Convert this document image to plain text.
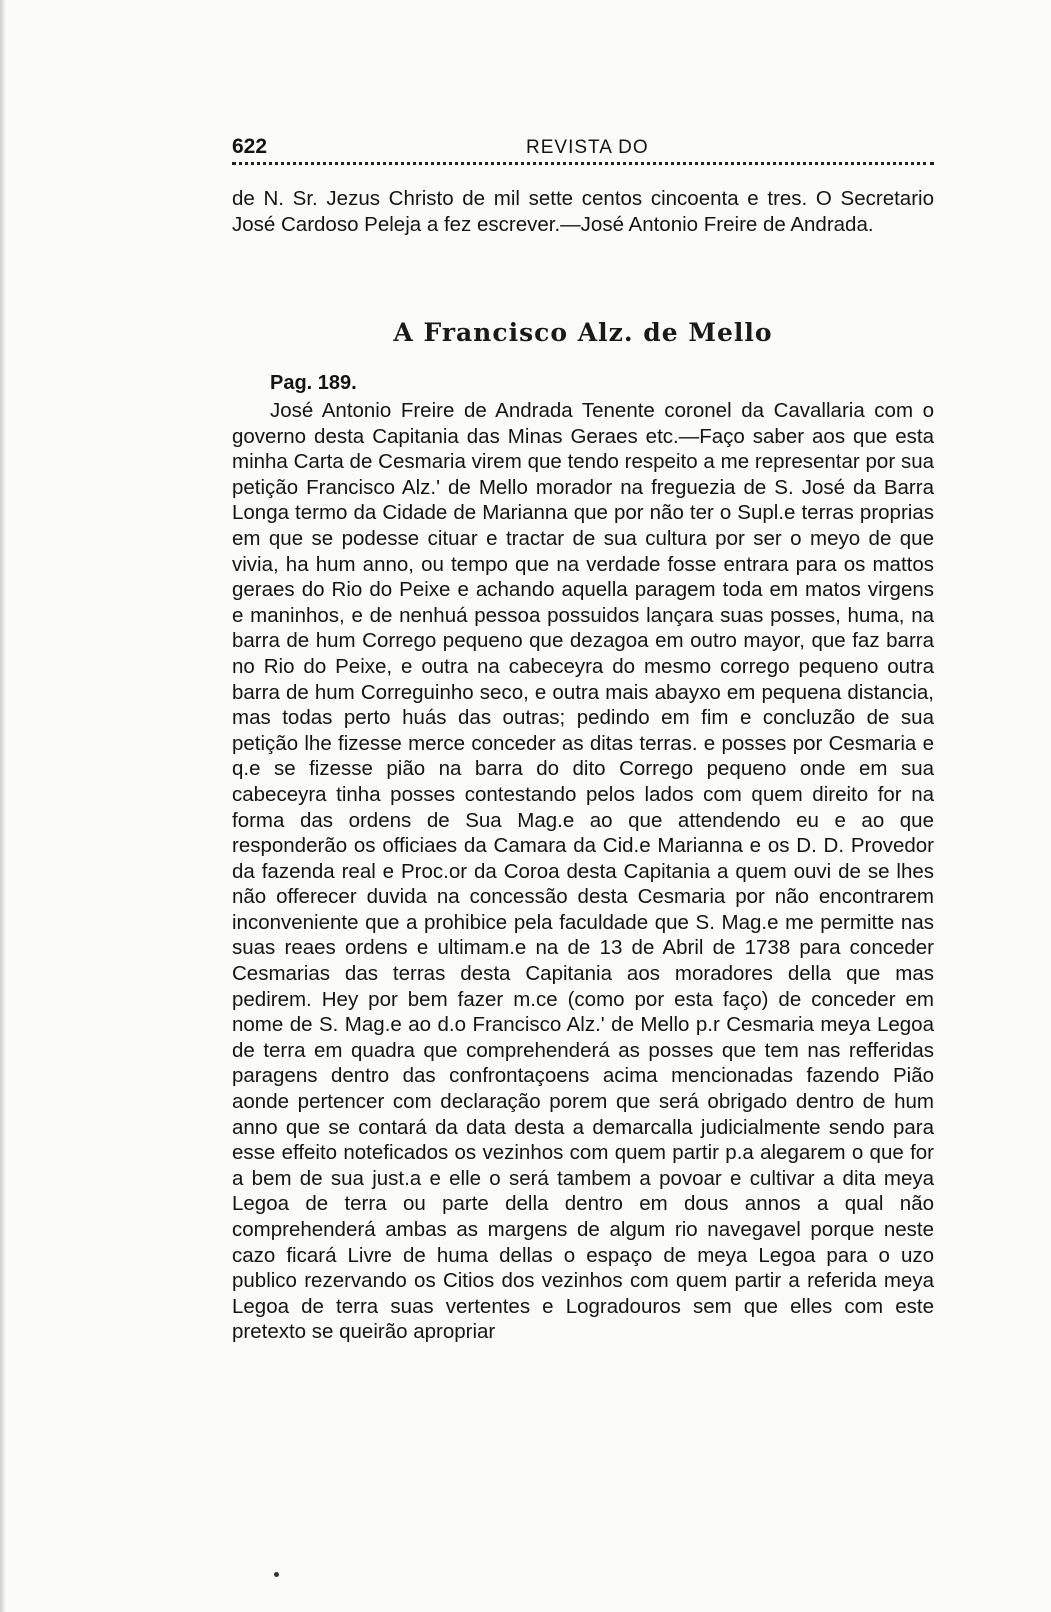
622	REVISTA DO
de N. Sr. Jezus Christo de mil sette centos cincoenta e tres. O Secretario José Cardoso Peleja a fez escrever.—José Antonio Freire de Andrada.
A Francisco Alz. de Mello
Pag. 189.
José Antonio Freire de Andrada Tenente coronel da Cavallaria com o governo desta Capitania das Minas Geraes etc.—Faço saber aos que esta minha Carta de Cesmaria virem que tendo respeito a me representar por sua petição Francisco Alz.' de Mello morador na freguezia de S. José da Barra Longa termo da Cidade de Marianna que por não ter o Supl.e terras proprias em que se podesse cituar e tractar de sua cultura por ser o meyo de que vivia, ha hum anno, ou tempo que na verdade fosse entrara para os mattos geraes do Rio do Peixe e achando aquella paragem toda em matos virgens e maninhos, e de nenhuá pessoa possuidos lançara suas posses, huma, na barra de hum Corrego pequeno que dezagoa em outro mayor, que faz barra no Rio do Peixe, e outra na cabeceyra do mesmo corrego pequeno outra barra de hum Correguinho seco, e outra mais abayxo em pequena distancia, mas todas perto huás das outras; pedindo em fim e concluzão de sua petição lhe fizesse merce conceder as ditas terras. e posses por Cesmaria e q.e se fizesse pião na barra do dito Corrego pequeno onde em sua cabeceyra tinha posses contestando pelos lados com quem direito for na forma das ordens de Sua Mag.e ao que attendendo eu e ao que responderão os officiaes da Camara da Cid.e Marianna e os D. D. Provedor da fazenda real e Proc.or da Coroa desta Capitania a quem ouvi de se lhes não offerecer duvida na concessão desta Cesmaria por não encontrarem inconveniente que a prohibice pela faculdade que S. Mag.e me permitte nas suas reaes ordens e ultimam.e na de 13 de Abril de 1738 para conceder Cesmarias das terras desta Capitania aos moradores della que mas pedirem. Hey por bem fazer m.ce (como por esta faço) de conceder em nome de S. Mag.e ao d.o Francisco Alz.' de Mello p.r Cesmaria meya Legoa de terra em quadra que comprehenderá as posses que tem nas refferidas paragens dentro das confrontaçoens acima mencionadas fazendo Pião aonde pertencer com declaração porem que será obrigado dentro de hum anno que se contará da data desta a demarcalla judicialmente sendo para esse effeito noteficados os vezinhos com quem partir p.a alegarem o que for a bem de sua just.a e elle o será tambem a povoar e cultivar a dita meya Legoa de terra ou parte della dentro em dous annos a qual não comprehenderá ambas as margens de algum rio navegavel porque neste cazo ficará Livre de huma dellas o espaço de meya Legoa para o uzo publico rezervando os Citios dos vezinhos com quem partir a referida meya Legoa de terra suas vertentes e Logradouros sem que elles com este pretexto se queirão apropriar
